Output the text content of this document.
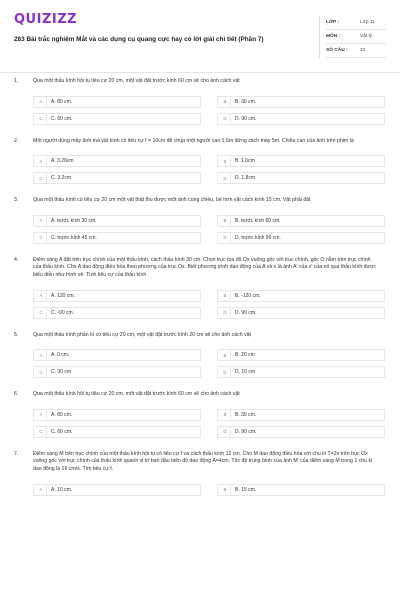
QUIZIZZ
283 Bài trắc nghiệm Mắt và các dụng cụ quang cực hay có lời giải chi tiết (Phần 7)
LỚP :	Lớp 11
MÔN :	Vật lý
SỐ CÂU :	22
1.	Qua một thấu kính hội tụ tiêu cự 20 cm, một vật đặt trước kính 60 cm sẽ cho ảnh cách vật
A	A. 80 cm.	B	B. 30 cm.
C	C. 60 cm.	D	D. 90 cm.
2.	Một người dùng máy ảnh mà vật kính có tiêu cự f = 10cm để chụp một người cao 1,6m đứng cách máy 5m. Chiều cao của ảnh trên phim là
A	A. 3,26cm	B	B. 1,6cm
C	C. 3,2cm	D	D. 1,8cm
3.	Qua một thấu kính có tiêu cự 20 cm một vật thật thu được một ảnh cùng chiều, bé hơn vật cách kính 15 cm. Vật phải đặt
A	A. trước kính 30 cm.	B	B. trước kính 60 cm.
C	C. trước kính 45 cm.	D	D. trước kính 90 cm.
4.	Điểm sáng A đặt trên trục chính của một thấu kính, cách thấu kính 30 cm. Chọn trục tọa độ Ox vuông góc với trục chính, gốc O nằm trên trục chính của thấu kính. Cho A dao động điều hòa theo phương của trục Ox. Biết phương trình dao động của A và x là ảnh A' của x' của nó qua thấu kính được biểu diễn như hình vẽ. Tính tiêu cự của thấu kính.
A	A. 120 cm.	B	B. -120 cm.
C	C. -90 cm.	D	D. 90 cm.
5.	Qua một thấu kính phân kì có tiêu cự 20 cm, một vật đặt trước kính 20 cm sẽ cho ảnh cách vật
A	A. 0 cm.	B	B. 20 cm
C	C. 30 cm	D	D. 10 cm
6.	Qua một thấu kính hội tụ tiêu cự 20 cm, một vật đặt trước kính 60 cm sẽ cho ảnh cách vật
A	A. 80 cm.	B	B. 30 cm.
C	C. 60 cm.	D	D. 90 cm.
7.	Điểm sáng M trên trục chính của một thấu kính hội tụ có tiêu cự f và cách thấu kính 12 cm. Cho M dao động điều hòa với chu kì T=2s trên trục Ox vuông góc với trục chính của thấu kính quanh vị trí ban đầu biên độ dao động A=4cm. Tốc độ trung bình của ảnh M' của điểm sáng M trong 1 chu kì dao động là 16 cm/s. Tìm tiêu cự f.
A	A. 10 cm.	B	B. 15 cm.
